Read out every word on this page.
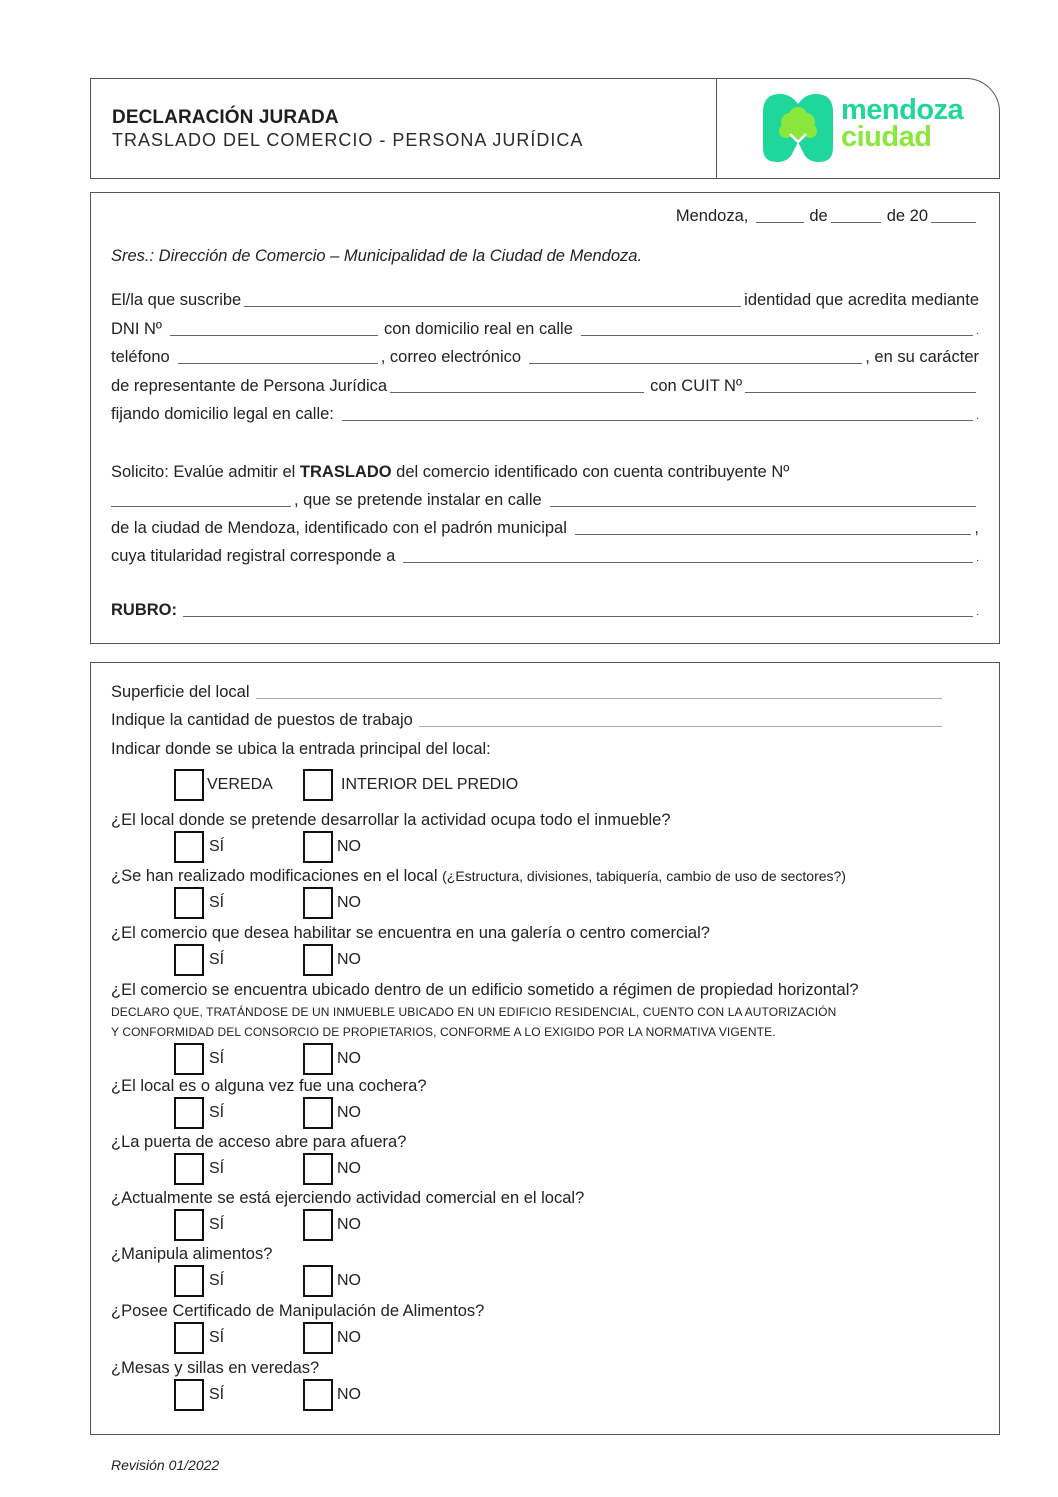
DECLARACIÓN JURADA
TRASLADO DEL COMERCIO - PERSONA JURÍDICA
mendoza
ciudad
Mendoza,	de	de 20
Sres.: Dirección de Comercio – Municipalidad de la Ciudad de Mendoza.
El/la que suscribe	identidad que acredita mediante
DNI Nº	con domicilio real en calle	.
teléfono	, correo electrónico	, en su carácter
de representante de Persona Jurídica	con CUIT Nº
fijando domicilio legal en calle:	.
Solicito: Evalúe admitir el TRASLADO del comercio identificado con cuenta contribuyente Nº
, que se pretende instalar en calle
de la ciudad de Mendoza, identificado con el padrón municipal	,
cuya titularidad registral corresponde a	.
RUBRO:	.
Superficie del local
Indique la cantidad de puestos de trabajo
Indicar donde se ubica la entrada principal del local:
VEREDA	INTERIOR DEL PREDIO
¿El local donde se pretende desarrollar la actividad ocupa todo el inmueble?
SÍ	NO
¿Se han realizado modificaciones en el local (¿Estructura, divisiones, tabiquería, cambio de uso de sectores?)
SÍ	NO
¿El comercio que desea habilitar se encuentra en una galería o centro comercial?
SÍ	NO
¿El comercio se encuentra ubicado dentro de un edificio sometido a régimen de propiedad horizontal?
DECLARO QUE, TRATÁNDOSE DE UN INMUEBLE UBICADO EN UN EDIFICIO RESIDENCIAL, CUENTO CON LA AUTORIZACIÓN
Y CONFORMIDAD DEL CONSORCIO DE PROPIETARIOS, CONFORME A LO EXIGIDO POR LA NORMATIVA VIGENTE.
SÍ	NO
¿El local es o alguna vez fue una cochera?
SÍ	NO
¿La puerta de acceso abre para afuera?
SÍ	NO
¿Actualmente se está ejerciendo actividad comercial en el local?
SÍ	NO
¿Manipula alimentos?
SÍ	NO
¿Posee Certificado de Manipulación de Alimentos?
SÍ	NO
¿Mesas y sillas en veredas?
SÍ	NO
Revisión 01/2022
